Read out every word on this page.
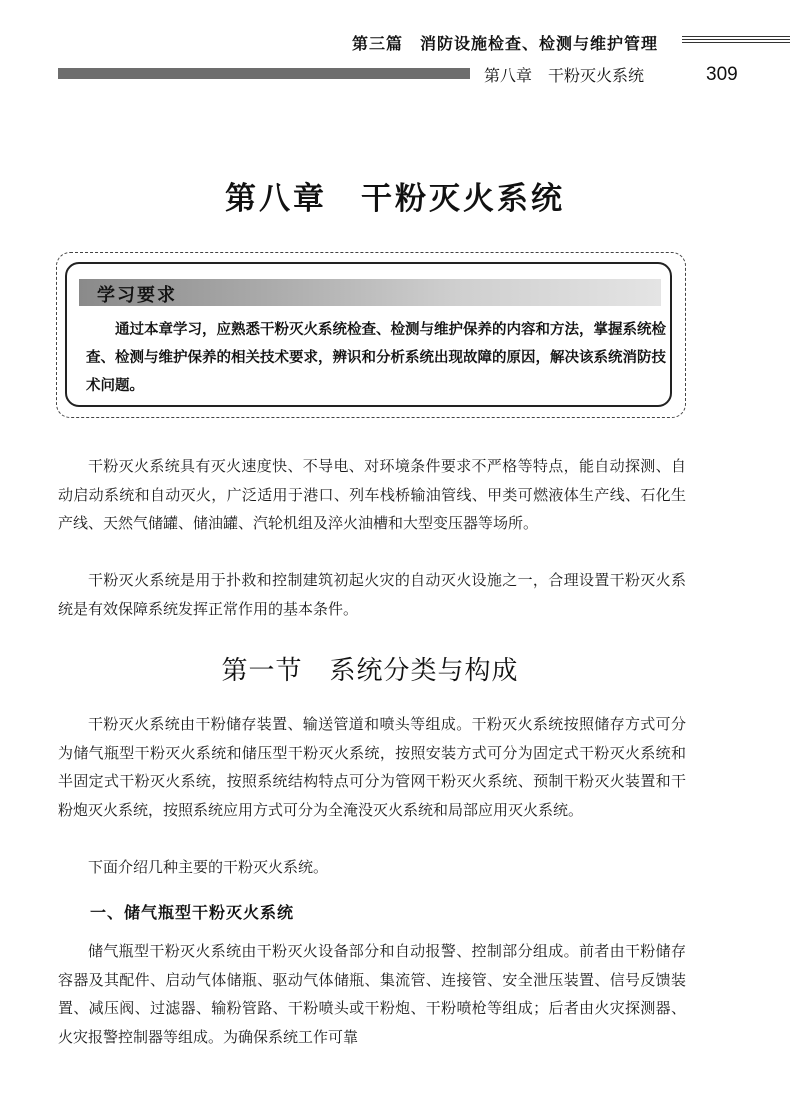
第三篇　消防设施检查、检测与维护管理
第八章　干粉灭火系统	309
第八章　干粉灭火系统
学习要求
通过本章学习，应熟悉干粉灭火系统检查、检测与维护保养的内容和方法，掌握系统检查、检测与维护保养的相关技术要求，辨识和分析系统出现故障的原因，解决该系统消防技术问题。

干粉灭火系统具有灭火速度快、不导电、对环境条件要求不严格等特点，能自动探测、自动启动系统和自动灭火，广泛适用于港口、列车栈桥输油管线、甲类可燃液体生产线、石化生产线、天然气储罐、储油罐、汽轮机组及淬火油槽和大型变压器等场所。

干粉灭火系统是用于扑救和控制建筑初起火灾的自动灭火设施之一，合理设置干粉灭火系统是有效保障系统发挥正常作用的基本条件。

第一节　系统分类与构成

干粉灭火系统由干粉储存装置、输送管道和喷头等组成。干粉灭火系统按照储存方式可分为储气瓶型干粉灭火系统和储压型干粉灭火系统，按照安装方式可分为固定式干粉灭火系统和半固定式干粉灭火系统，按照系统结构特点可分为管网干粉灭火系统、预制干粉灭火装置和干粉炮灭火系统，按照系统应用方式可分为全淹没灭火系统和局部应用灭火系统。

下面介绍几种主要的干粉灭火系统。

一、储气瓶型干粉灭火系统

储气瓶型干粉灭火系统由干粉灭火设备部分和自动报警、控制部分组成。前者由干粉储存容器及其配件、启动气体储瓶、驱动气体储瓶、集流管、连接管、安全泄压装置、信号反馈装置、减压阀、过滤器、输粉管路、干粉喷头或干粉炮、干粉喷枪等组成；后者由火灾探测器、火灾报警控制器等组成。为确保系统工作可靠
